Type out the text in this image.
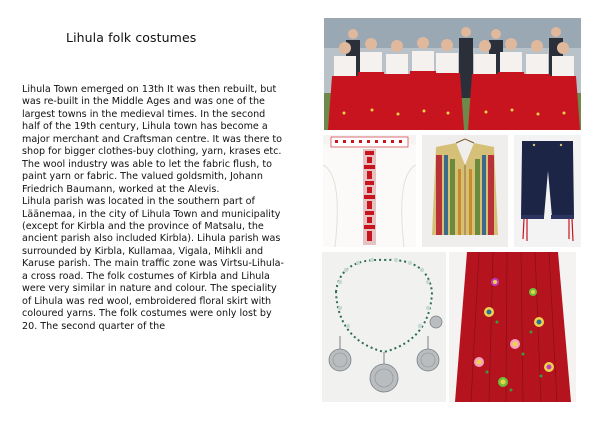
Lihula folk costumes
Lihula Town emerged on 13th It was then rebuilt, but was re-built in the Middle Ages and was one of the largest towns in the medieval times. In the second half of the 19th century, Lihula town has become a major merchant and Craftsman centre. It was there to shop for bigger clothes-buy clothing, yarn, krases etc. The wool industry was able to let the fabric flush, to paint yarn or fabric. The valued goldsmith, Johann Friedrich Baumann, worked at the Alevis.
Lihula parish was located in the southern part of Läänemaa, in the city of Lihula Town and municipality (except for Kirbla and the province of Matsalu, the ancient parish also included Kirbla). Lihula parish was surrounded by Kirbla, Kullamaa, Vigala, Mihkli and Karuse parish. The main traffic zone was Virtsu-Lihula-a cross road. The folk costumes of Kirbla and Lihula were very similar in nature and colour. The speciality of Lihula was red wool, embroidered floral skirt with coloured yarns. The folk costumes were only lost by 20. The second quarter of the
